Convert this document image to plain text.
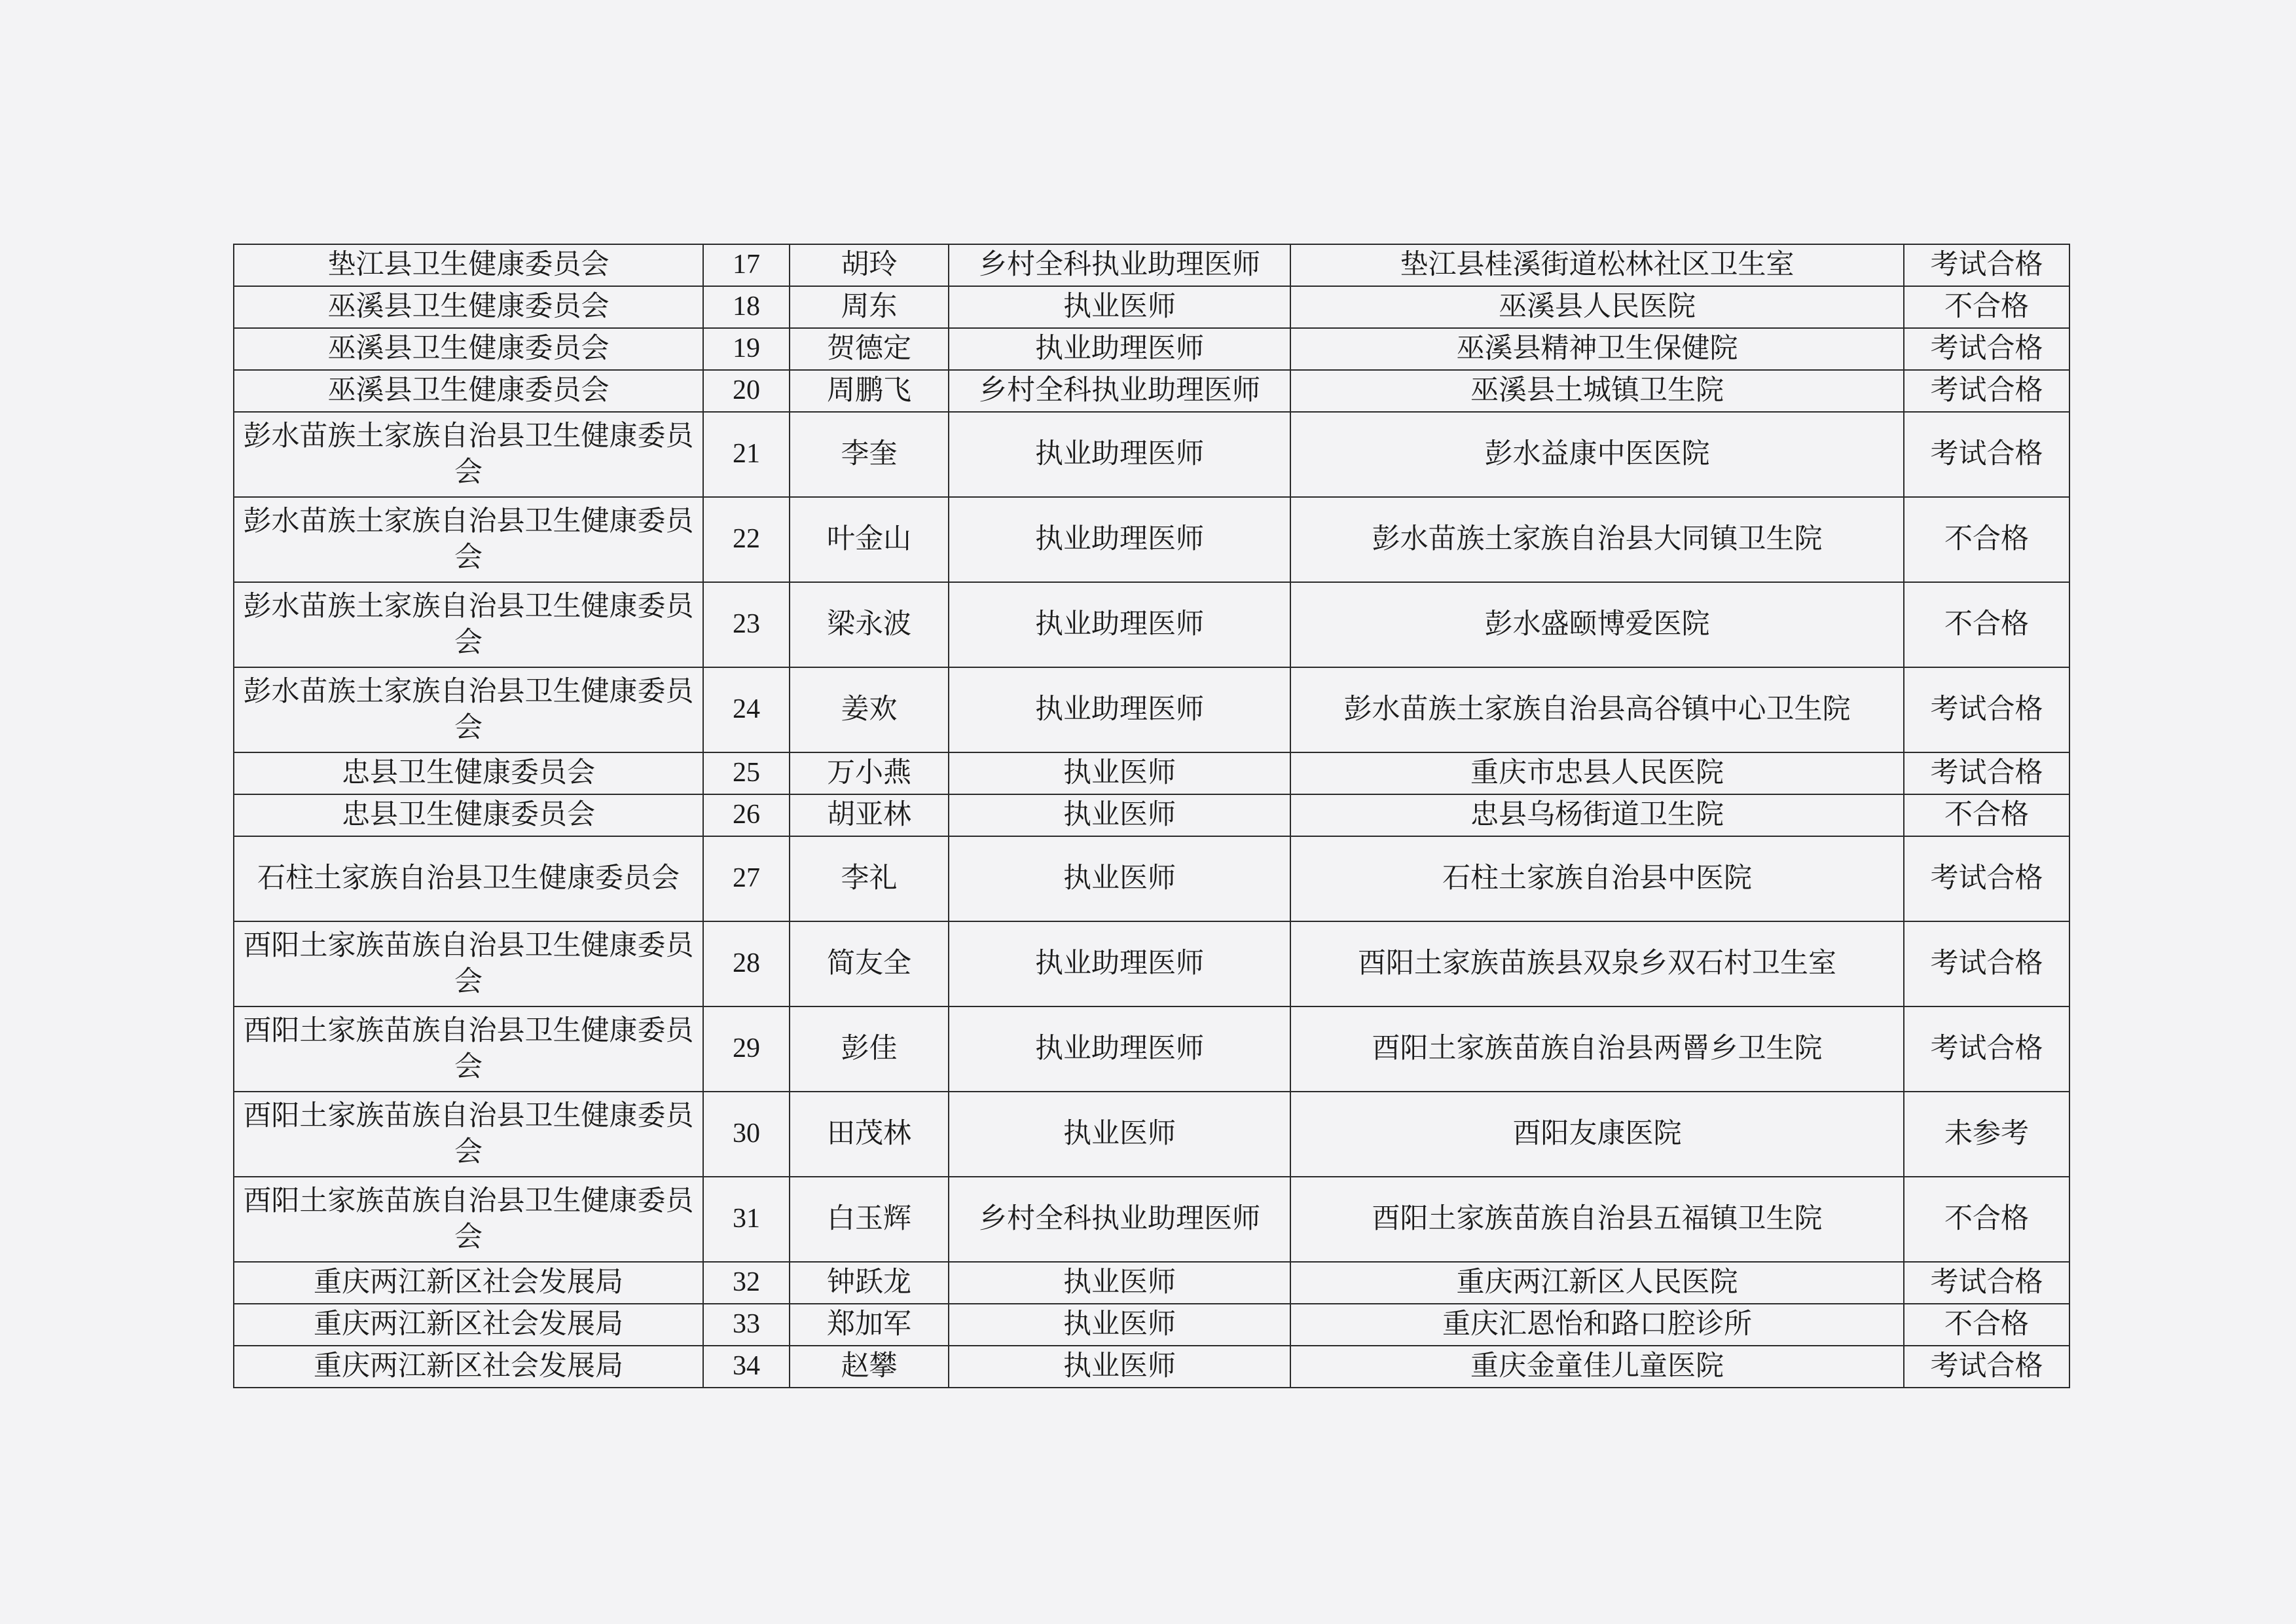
垫江县卫生健康委员会	17	胡玲	乡村全科执业助理医师	垫江县桂溪街道松林社区卫生室	考试合格
巫溪县卫生健康委员会	18	周东	执业医师	巫溪县人民医院	不合格
巫溪县卫生健康委员会	19	贺德定	执业助理医师	巫溪县精神卫生保健院	考试合格
巫溪县卫生健康委员会	20	周鹏飞	乡村全科执业助理医师	巫溪县土城镇卫生院	考试合格
彭水苗族土家族自治县卫生健康委员会	21	李奎	执业助理医师	彭水益康中医医院	考试合格
彭水苗族土家族自治县卫生健康委员会	22	叶金山	执业助理医师	彭水苗族土家族自治县大同镇卫生院	不合格
彭水苗族土家族自治县卫生健康委员会	23	梁永波	执业助理医师	彭水盛颐博爱医院	不合格
彭水苗族土家族自治县卫生健康委员会	24	姜欢	执业助理医师	彭水苗族土家族自治县高谷镇中心卫生院	考试合格
忠县卫生健康委员会	25	万小燕	执业医师	重庆市忠县人民医院	考试合格
忠县卫生健康委员会	26	胡亚林	执业医师	忠县乌杨街道卫生院	不合格
石柱土家族自治县卫生健康委员会	27	李礼	执业医师	石柱土家族自治县中医院	考试合格
酉阳土家族苗族自治县卫生健康委员会	28	简友全	执业助理医师	酉阳土家族苗族县双泉乡双石村卫生室	考试合格
酉阳土家族苗族自治县卫生健康委员会	29	彭佳	执业助理医师	酉阳土家族苗族自治县两罾乡卫生院	考试合格
酉阳土家族苗族自治县卫生健康委员会	30	田茂林	执业医师	酉阳友康医院	未参考
酉阳土家族苗族自治县卫生健康委员会	31	白玉辉	乡村全科执业助理医师	酉阳土家族苗族自治县五福镇卫生院	不合格
重庆两江新区社会发展局	32	钟跃龙	执业医师	重庆两江新区人民医院	考试合格
重庆两江新区社会发展局	33	郑加军	执业医师	重庆汇恩怡和路口腔诊所	不合格
重庆两江新区社会发展局	34	赵攀	执业医师	重庆金童佳儿童医院	考试合格
